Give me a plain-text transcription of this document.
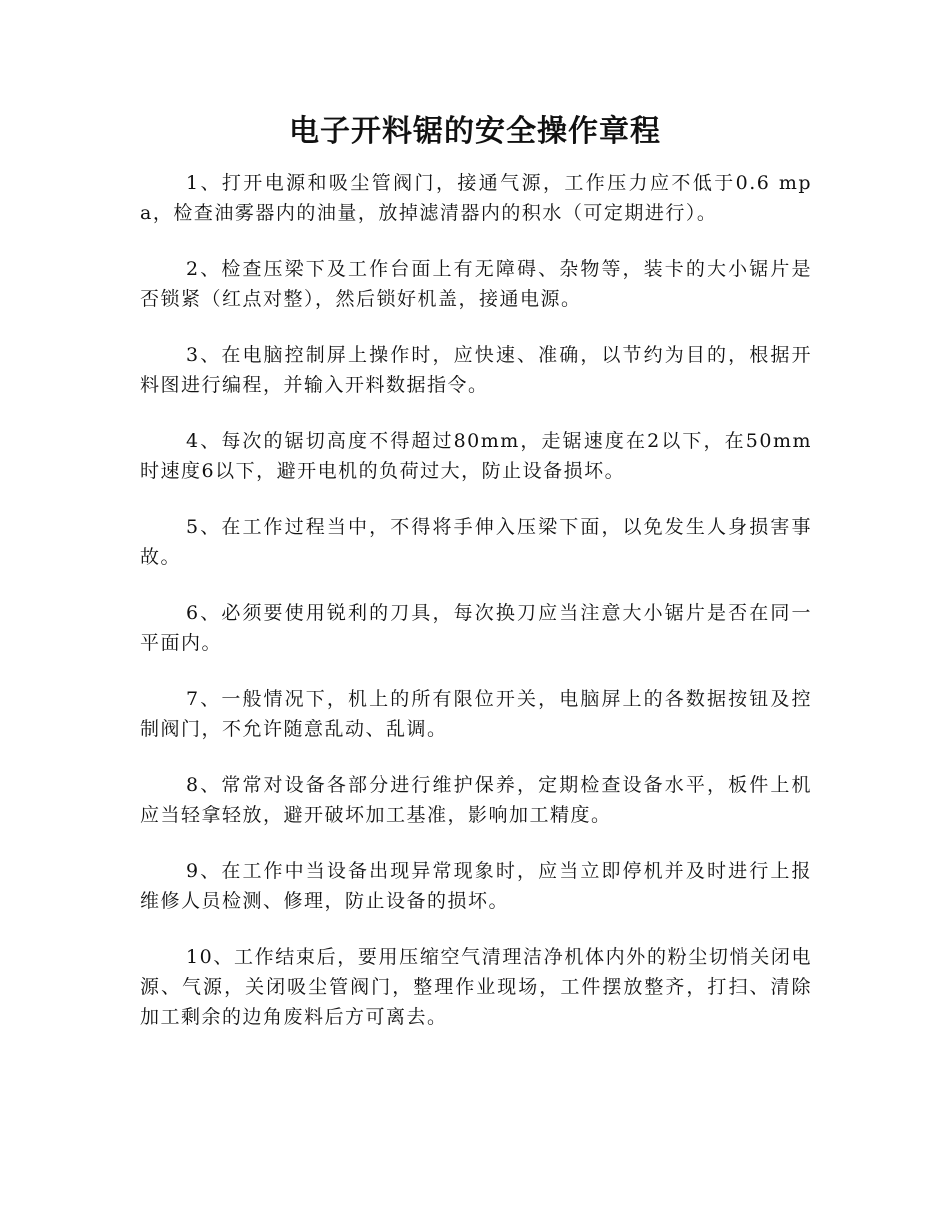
电子开料锯的安全操作章程

1、打开电源和吸尘管阀门，接通气源，工作压力应不低于0.6 mpa，检查油雾器内的油量，放掉滤清器内的积水（可定期进行）。

2、检查压梁下及工作台面上有无障碍、杂物等，装卡的大小锯片是否锁紧（红点对整），然后锁好机盖，接通电源。

3、在电脑控制屏上操作时，应快速、准确，以节约为目的，根据开料图进行编程，并输入开料数据指令。

4、每次的锯切高度不得超过80mm，走锯速度在2以下，在50mm时速度6以下，避开电机的负荷过大，防止设备损坏。

5、在工作过程当中，不得将手伸入压梁下面，以免发生人身损害事故。

6、必须要使用锐利的刀具，每次换刀应当注意大小锯片是否在同一平面内。

7、一般情况下，机上的所有限位开关，电脑屏上的各数据按钮及控制阀门，不允许随意乱动、乱调。

8、常常对设备各部分进行维护保养，定期检查设备水平，板件上机应当轻拿轻放，避开破坏加工基准，影响加工精度。

9、在工作中当设备出现异常现象时，应当立即停机并及时进行上报维修人员检测、修理，防止设备的损坏。

10、工作结束后，要用压缩空气清理洁净机体内外的粉尘切悄关闭电源、气源，关闭吸尘管阀门，整理作业现场，工件摆放整齐，打扫、清除加工剩余的边角废料后方可离去。
